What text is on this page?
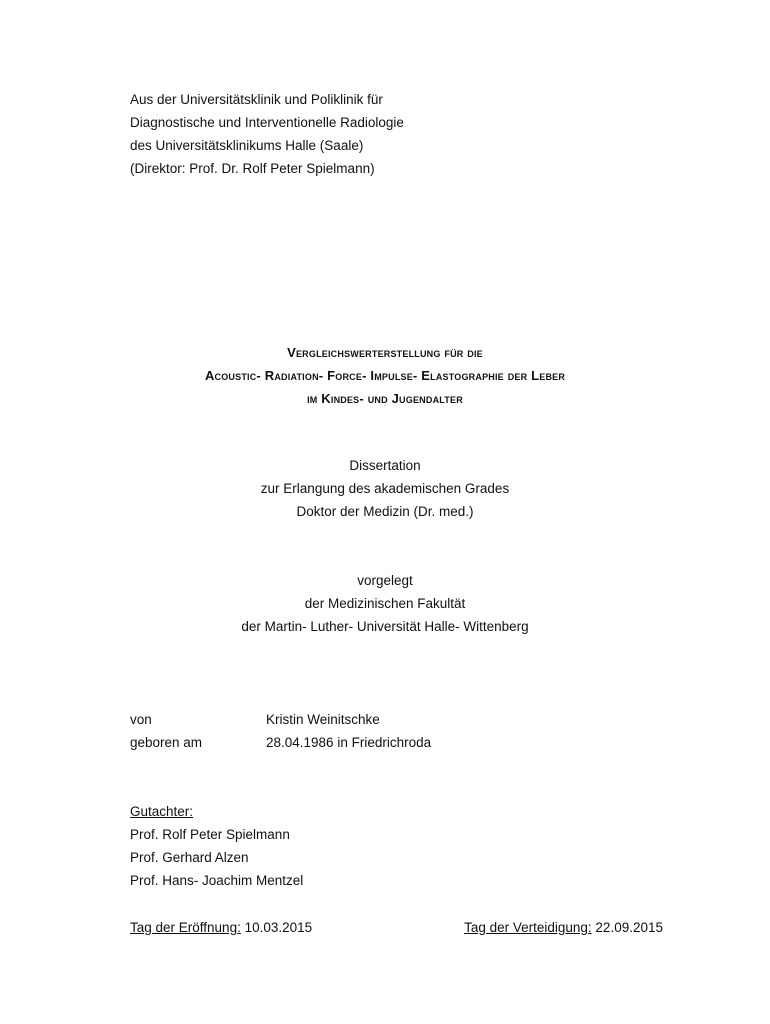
Aus der Universitätsklinik und Poliklinik für
Diagnostische und Interventionelle Radiologie
des Universitätsklinikums Halle (Saale)
(Direktor: Prof. Dr. Rolf Peter Spielmann)
Vergleichswerterstellung für die
Acoustic- Radiation- Force- Impulse- Elastographie der Leber
im Kindes- und Jugendalter
Dissertation
zur Erlangung des akademischen Grades
Doktor der Medizin (Dr. med.)
vorgelegt
der Medizinischen Fakultät
der Martin- Luther- Universität Halle- Wittenberg
von	Kristin Weinitschke
geboren am	28.04.1986 in Friedrichroda
Gutachter:
Prof. Rolf Peter Spielmann
Prof. Gerhard Alzen
Prof. Hans- Joachim Mentzel
Tag der Eröffnung: 10.03.2015	Tag der Verteidigung: 22.09.2015
